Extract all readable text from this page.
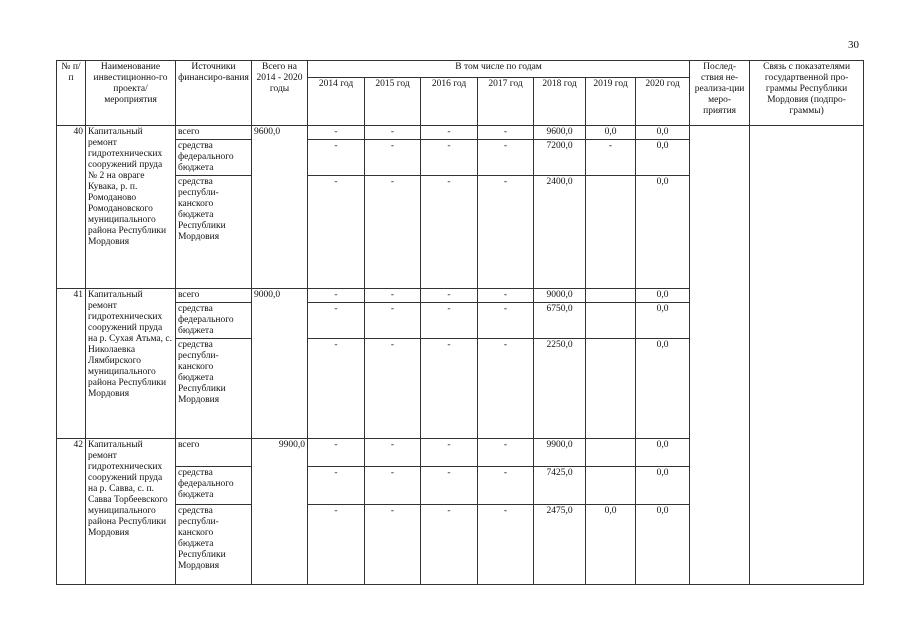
30
№ п/п	Наименование инвестиционно-го проекта/ мероприятия	Источники финансиро-вания	Всего на 2014 - 2020 годы	В том числе по годам							Послед-ствия не-реализа-ции меро-приятия	Связь с показателями государтвенной про-граммы Республики Мордовия (подпро-граммы)
				2014 год	2015 год	2016 год	2017 год	2018 год	2019 год	2020 год		
40	Капитальный ремонт гидротехнических сооружений пруда № 2 на овраге Кувака, р. п. Ромоданово Ромодановского муниципального района Республики Мордовия	всего	9600,0	-	-	-	-	9600,0	0,0	0,0		
		средства федерального бюджета		-	-	-	-	7200,0	-	0,0		
		средства республи-канского бюджета Республики Мордовия		-	-	-	-	2400,0		0,0		
41	Капитальный ремонт гидротехнических сооружений пруда на р. Сухая Атьма, с. Николаевка Лямбирского муниципального района Республики Мордовия	всего	9000,0	-	-	-	-	9000,0		0,0		
		средства федерального бюджета		-	-	-	-	6750,0		0,0		
		средства республи-канского бюджета Республики Мордовия		-	-	-	-	2250,0		0,0		
42	Капитальный ремонт гидротехнических сооружений пруда на р. Савва, с. п. Савва Торбеевского муниципального района Республики Мордовия	всего	9900,0	-	-	-	-	9900,0		0,0		
		средства федерального бюджета		-	-	-	-	7425,0		0,0		
		средства республи-канского бюджета Республики Мордовия		-	-	-	-	2475,0	0,0	0,0		
